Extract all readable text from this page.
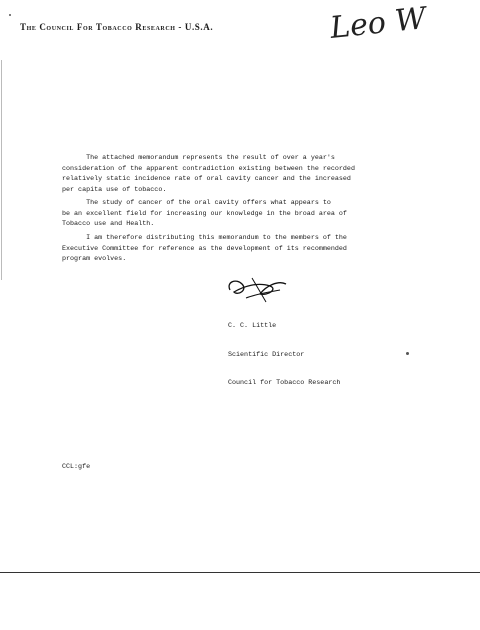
The Council For Tobacco Research - U.S.A.	Leo W
The attached memorandum represents the result of over a year's
consideration of the apparent contradiction existing between the recorded
relatively static incidence rate of oral cavity cancer and the increased
per capita use of tobacco.
The study of cancer of the oral cavity offers what appears to
be an excellent field for increasing our knowledge in the broad area of
Tobacco use and Health.
I am therefore distributing this memorandum to the members of the
Executive Committee for reference as the development of its recommended
program evolves.

C. C. Little

Scientific Director

Council for Tobacco Research

CCL:gfe
